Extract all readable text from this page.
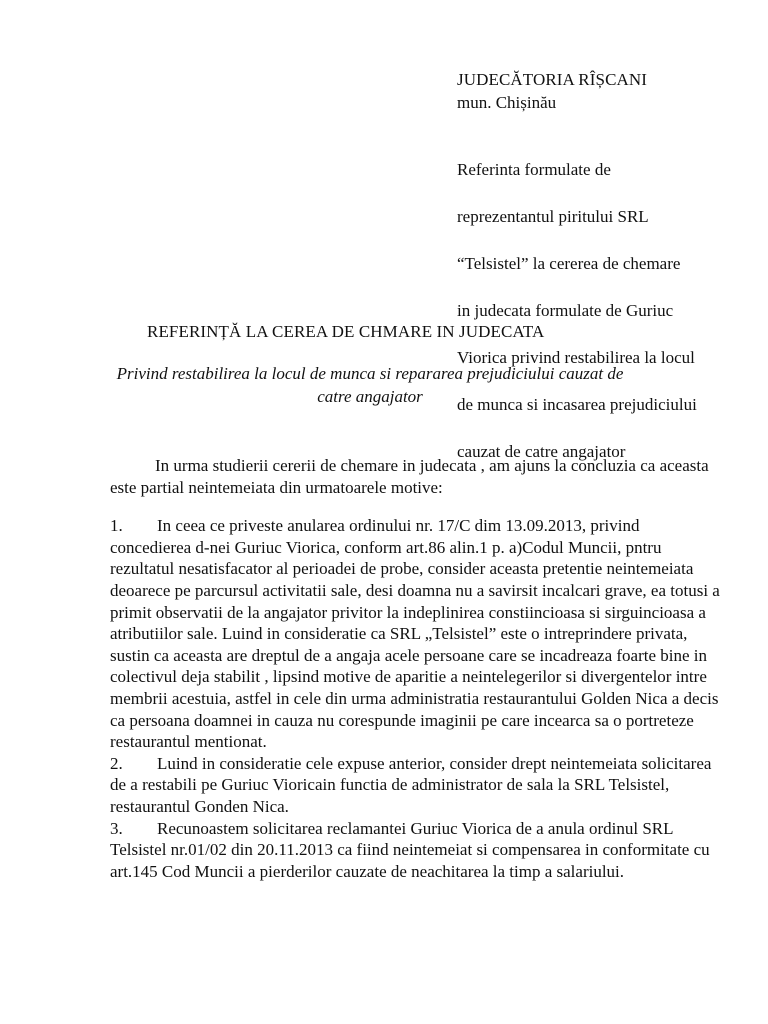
JUDECĂTORIA RÎȘCANI
mun. Chișinău

Referinta formulate de

reprezentantul piritului SRL

“Telsistel” la cererea de chemare

in judecata formulate de Guriuc

Viorica privind restabilirea la locul

de munca si incasarea prejudiciului

cauzat de catre angajator

REFERINȚĂ LA CEREA DE CHMARE IN JUDECATA
Privind restabilirea la locul de munca si repararea prejudiciului cauzat de catre angajator

In urma studierii cererii de chemare in judecata , am ajuns la concluzia ca aceasta este partial neintemeiata din urmatoarele motive:

1. In ceea ce priveste anularea ordinului nr. 17/C dim 13.09.2013, privind concedierea d-nei Guriuc Viorica, conform art.86 alin.1 p. a)Codul Muncii, pntru rezultatul nesatisfacator al perioadei de probe, consider aceasta pretentie neintemeiata deoarece pe parcursul activitatii sale, desi doamna nu a savirsit incalcari grave, ea totusi a primit observatii de la angajator privitor la indeplinirea constiincioasa si sirguincioasa a atributiilor sale. Luind in consideratie ca SRL „Telsistel” este o intreprindere privata, sustin ca aceasta are dreptul de a angaja acele persoane care se incadreaza foarte bine in colectivul deja stabilit , lipsind motive de aparitie a neintelegerilor si divergentelor intre membrii acestuia, astfel in cele din urma administratia restaurantului Golden Nica a decis ca persoana doamnei in cauza nu corespunde imaginii pe care incearca sa o portreteze restaurantul mentionat.

2. Luind in consideratie cele expuse anterior, consider drept neintemeiata solicitarea de a restabili pe Guriuc Vioricain functia de administrator de sala la SRL Telsistel, restaurantul Gonden Nica.

3. Recunoastem solicitarea reclamantei Guriuc Viorica de a anula ordinul SRL Telsistel nr.01/02 din 20.11.2013 ca fiind neintemeiat si compensarea in conformitate cu art.145 Cod Muncii a pierderilor cauzate de neachitarea la timp a salariului.
